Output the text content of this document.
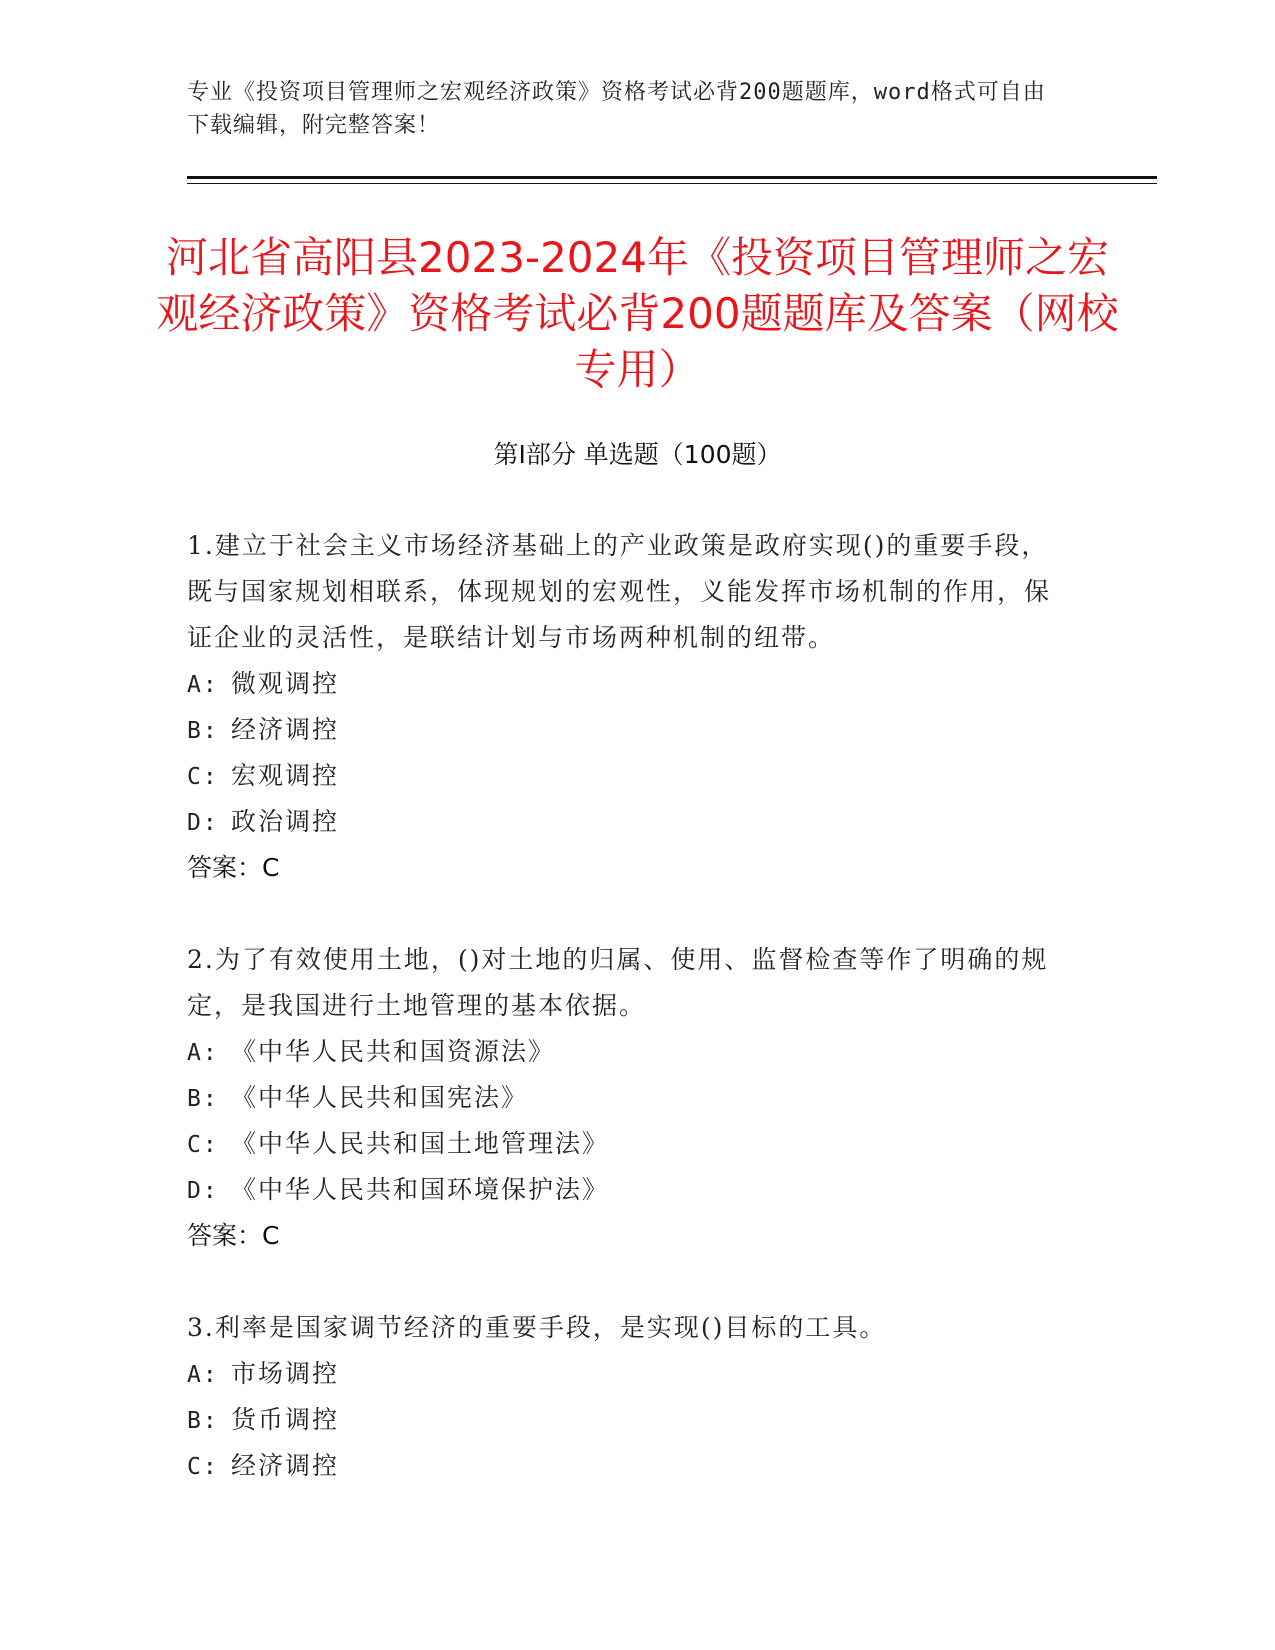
专业《投资项目管理师之宏观经济政策》资格考试必背200题题库，word格式可自由下载编辑，附完整答案！
河北省高阳县2023-2024年《投资项目管理师之宏观经济政策》资格考试必背200题题库及答案（网校专用）
第Ⅰ部分 单选题（100题）

1.建立于社会主义市场经济基础上的产业政策是政府实现()的重要手段，既与国家规划相联系，体现规划的宏观性，义能发挥市场机制的作用，保证企业的灵活性，是联结计划与市场两种机制的纽带。

A: 微观调控
B: 经济调控
C: 宏观调控
D: 政治调控
答案：C

2.为了有效使用土地，()对土地的归属、使用、监督检查等作了明确的规定，是我国进行土地管理的基本依据。

A: 《中华人民共和国资源法》
B: 《中华人民共和国宪法》
C: 《中华人民共和国土地管理法》
D: 《中华人民共和国环境保护法》
答案：C

3.利率是国家调节经济的重要手段，是实现()目标的工具。

A: 市场调控
B: 货币调控
C: 经济调控
